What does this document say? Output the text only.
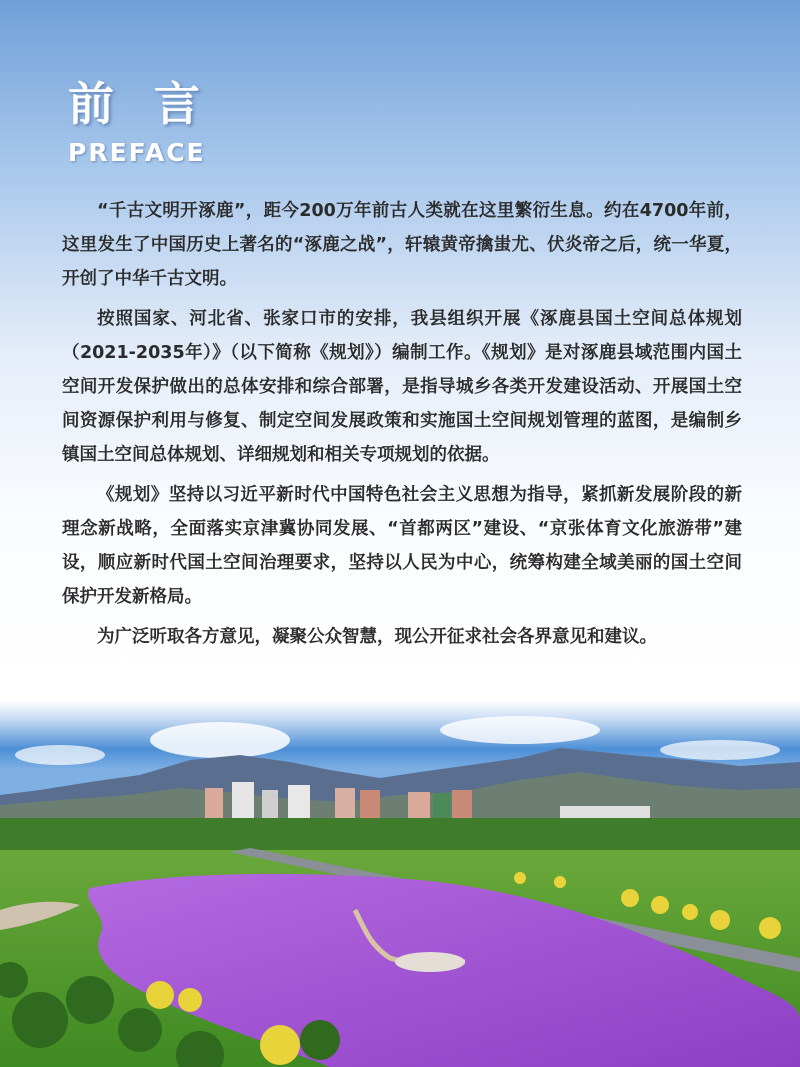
前言
PREFACE

“千古文明开涿鹿”，距今200万年前古人类就在这里繁衍生息。约在4700年前，这里发生了中国历史上著名的“涿鹿之战”，轩辕黄帝擒蚩尤、伏炎帝之后，统一华夏，开创了中华千古文明。

按照国家、河北省、张家口市的安排，我县组织开展《涿鹿县国土空间总体规划（2021-2035年）》（以下简称《规划》）编制工作。《规划》是对涿鹿县域范围内国土空间开发保护做出的总体安排和综合部署，是指导城乡各类开发建设活动、开展国土空间资源保护利用与修复、制定空间发展政策和实施国土空间规划管理的蓝图，是编制乡镇国土空间总体规划、详细规划和相关专项规划的依据。

《规划》坚持以习近平新时代中国特色社会主义思想为指导，紧抓新发展阶段的新理念新战略，全面落实京津冀协同发展、“首都两区”建设、“京张体育文化旅游带”建设，顺应新时代国土空间治理要求，坚持以人民为中心，统筹构建全域美丽的国土空间保护开发新格局。

为广泛听取各方意见，凝聚公众智慧，现公开征求社会各界意见和建议。
